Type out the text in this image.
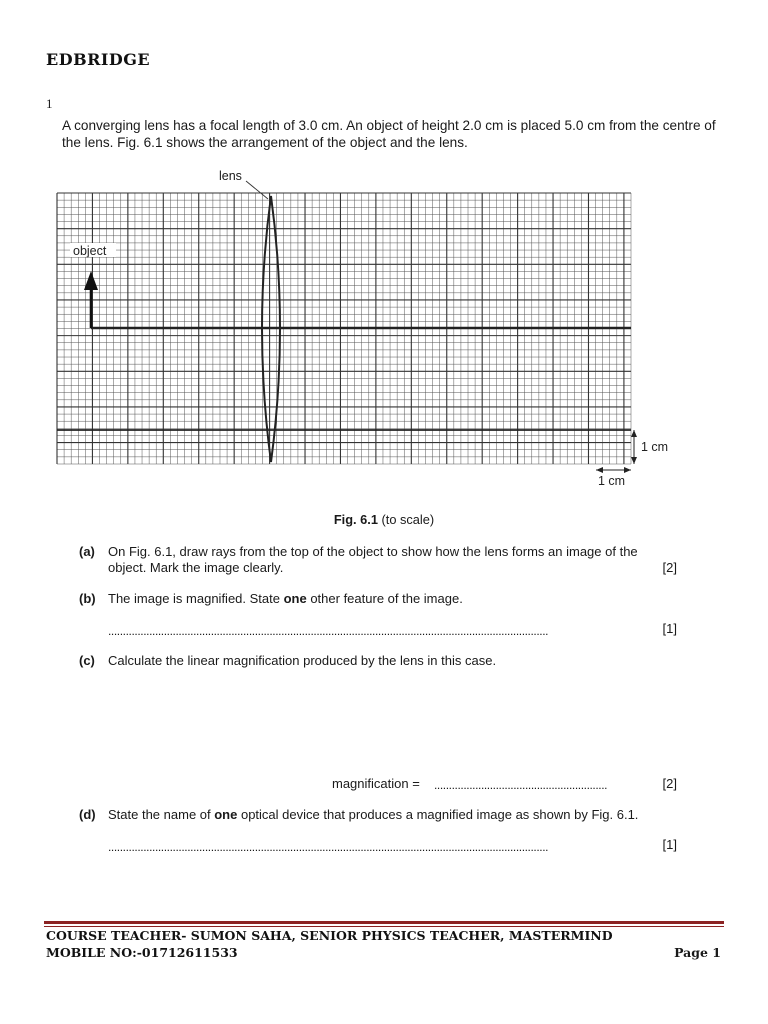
EDBRIDGE
1
A converging lens has a focal length of 3.0 cm. An object of height 2.0 cm is placed 5.0 cm from the centre of the lens. Fig. 6.1 shows the arrangement of the object and the lens.
object
1 cm
1 cm
lens
Fig. 6.1 (to scale)
(a) On Fig. 6.1, draw rays from the top of the object to show how the lens forms an image of the object. Mark the image clearly.	[2]
(b) The image is magnified. State one other feature of the image.
......................................................................................................................................................	[1]
(c) Calculate the linear magnification produced by the lens in this case.
magnification = ...........................................................	[2]
(d) State the name of one optical device that produces a magnified image as shown by Fig. 6.1.
......................................................................................................................................................	[1]
COURSE TEACHER- SUMON SAHA, SENIOR PHYSICS TEACHER, MASTERMIND
MOBILE NO:-01712611533	Page 1
